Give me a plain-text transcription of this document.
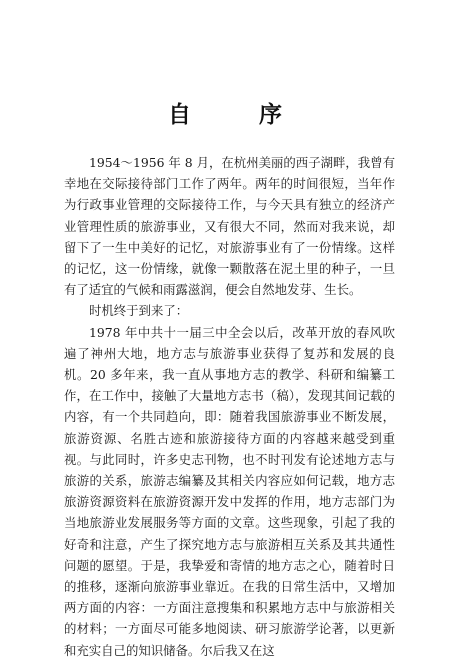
自 序

1954～1956 年 8 月，在杭州美丽的西子湖畔，我曾有幸地在交际接待部门工作了两年。两年的时间很短，当年作为行政事业管理的交际接待工作，与今天具有独立的经济产业管理性质的旅游事业，又有很大不同，然而对我来说，却留下了一生中美好的记忆，对旅游事业有了一份情缘。这样的记忆，这一份情缘，就像一颗散落在泥土里的种子，一旦有了适宜的气候和雨露滋润，便会自然地发芽、生长。

时机终于到来了：

1978 年中共十一届三中全会以后，改革开放的春风吹遍了神州大地，地方志与旅游事业获得了复苏和发展的良机。20 多年来，我一直从事地方志的教学、科研和编纂工作，在工作中，接触了大量地方志书（稿），发现其间记载的内容，有一个共同趋向，即：随着我国旅游事业不断发展，旅游资源、名胜古迹和旅游接待方面的内容越来越受到重视。与此同时，许多史志刊物，也不时刊发有论述地方志与旅游的关系，旅游志编纂及其相关内容应如何记载，地方志旅游资源资料在旅游资源开发中发挥的作用，地方志部门为当地旅游业发展服务等方面的文章。这些现象，引起了我的好奇和注意，产生了探究地方志与旅游相互关系及其共通性问题的愿望。于是，我挚爱和寄情的地方志之心，随着时日的推移，逐渐向旅游事业靠近。在我的日常生活中，又增加两方面的内容：一方面注意搜集和积累地方志中与旅游相关的材料；一方面尽可能多地阅读、研习旅游学论著，以更新和充实自己的知识储备。尔后我又在这
